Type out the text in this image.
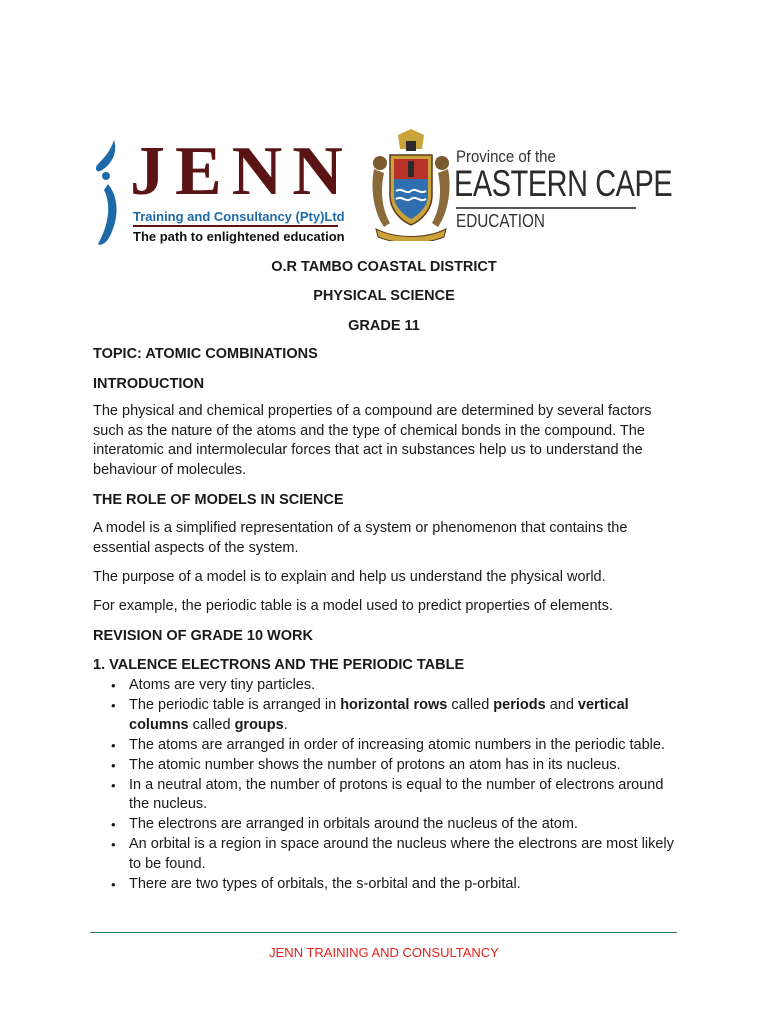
JENN
Training and Consultancy (Pty)Ltd
The path to enlightened education
Province of the
EASTERN CAPE
EDUCATION
O.R TAMBO COASTAL DISTRICT
PHYSICAL SCIENCE
GRADE 11
TOPIC: ATOMIC COMBINATIONS
INTRODUCTION
The physical and chemical properties of a compound are determined by several factors such as the nature of the atoms and the type of chemical bonds in the compound. The interatomic and intermolecular forces that act in substances help us to understand the behaviour of molecules.
THE ROLE OF MODELS IN SCIENCE
A model is a simplified representation of a system or phenomenon that contains the essential aspects of the system.
The purpose of a model is to explain and help us understand the physical world.
For example, the periodic table is a model used to predict properties of elements.
REVISION OF GRADE 10 WORK
1. VALENCE ELECTRONS AND THE PERIODIC TABLE
• Atoms are very tiny particles.
• The periodic table is arranged in horizontal rows called periods and vertical columns called groups.
• The atoms are arranged in order of increasing atomic numbers in the periodic table.
• The atomic number shows the number of protons an atom has in its nucleus.
• In a neutral atom, the number of protons is equal to the number of electrons around the nucleus.
• The electrons are arranged in orbitals around the nucleus of the atom.
• An orbital is a region in space around the nucleus where the electrons are most likely to be found.
• There are two types of orbitals, the s-orbital and the p-orbital.
JENN TRAINING AND CONSULTANCY
